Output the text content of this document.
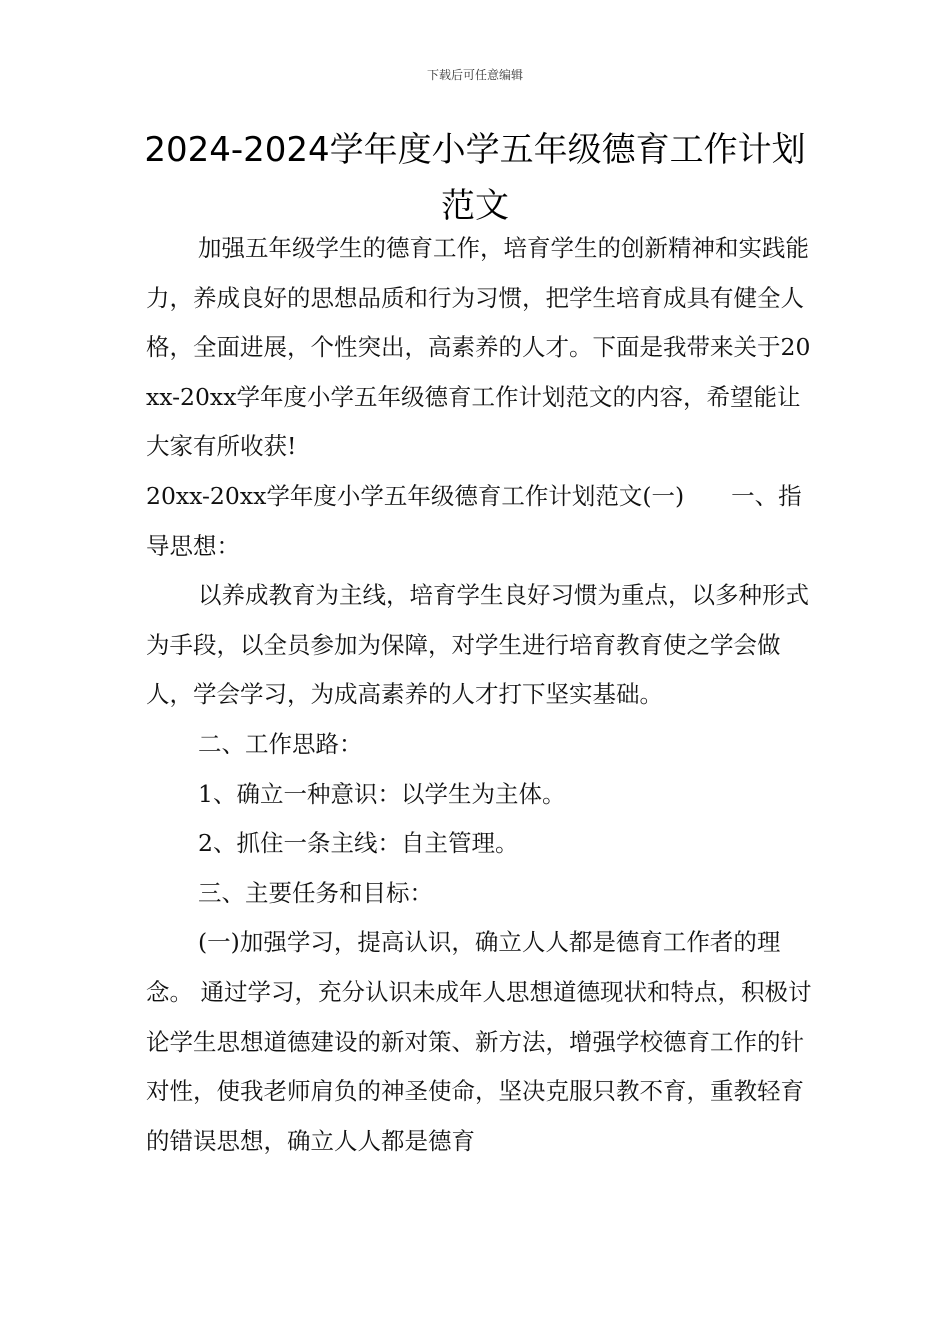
下载后可任意编辑
2024-2024学年度小学五年级德育工作计划
范文

加强五年级学生的德育工作，培育学生的创新精神和实践能力，养成良好的思想品质和行为习惯，把学生培育成具有健全人格，全面进展，个性突出，高素养的人才。下面是我带来关于20xx-20xx学年度小学五年级德育工作计划范文的内容，希望能让大家有所收获!

20xx-20xx学年度小学五年级德育工作计划范文(一)　　一、指导思想：

以养成教育为主线，培育学生良好习惯为重点，以多种形式为手段，以全员参加为保障，对学生进行培育教育使之学会做人，学会学习，为成高素养的人才打下坚实基础。

二、工作思路：

1、确立一种意识：以学生为主体。

2、抓住一条主线：自主管理。

三、主要任务和目标：

(一)加强学习，提高认识，确立人人都是德育工作者的理念。 通过学习，充分认识未成年人思想道德现状和特点，积极讨论学生思想道德建设的新对策、新方法，增强学校德育工作的针对性，使我老师肩负的神圣使命，坚决克服只教不育，重教轻育的错误思想，确立人人都是德育
